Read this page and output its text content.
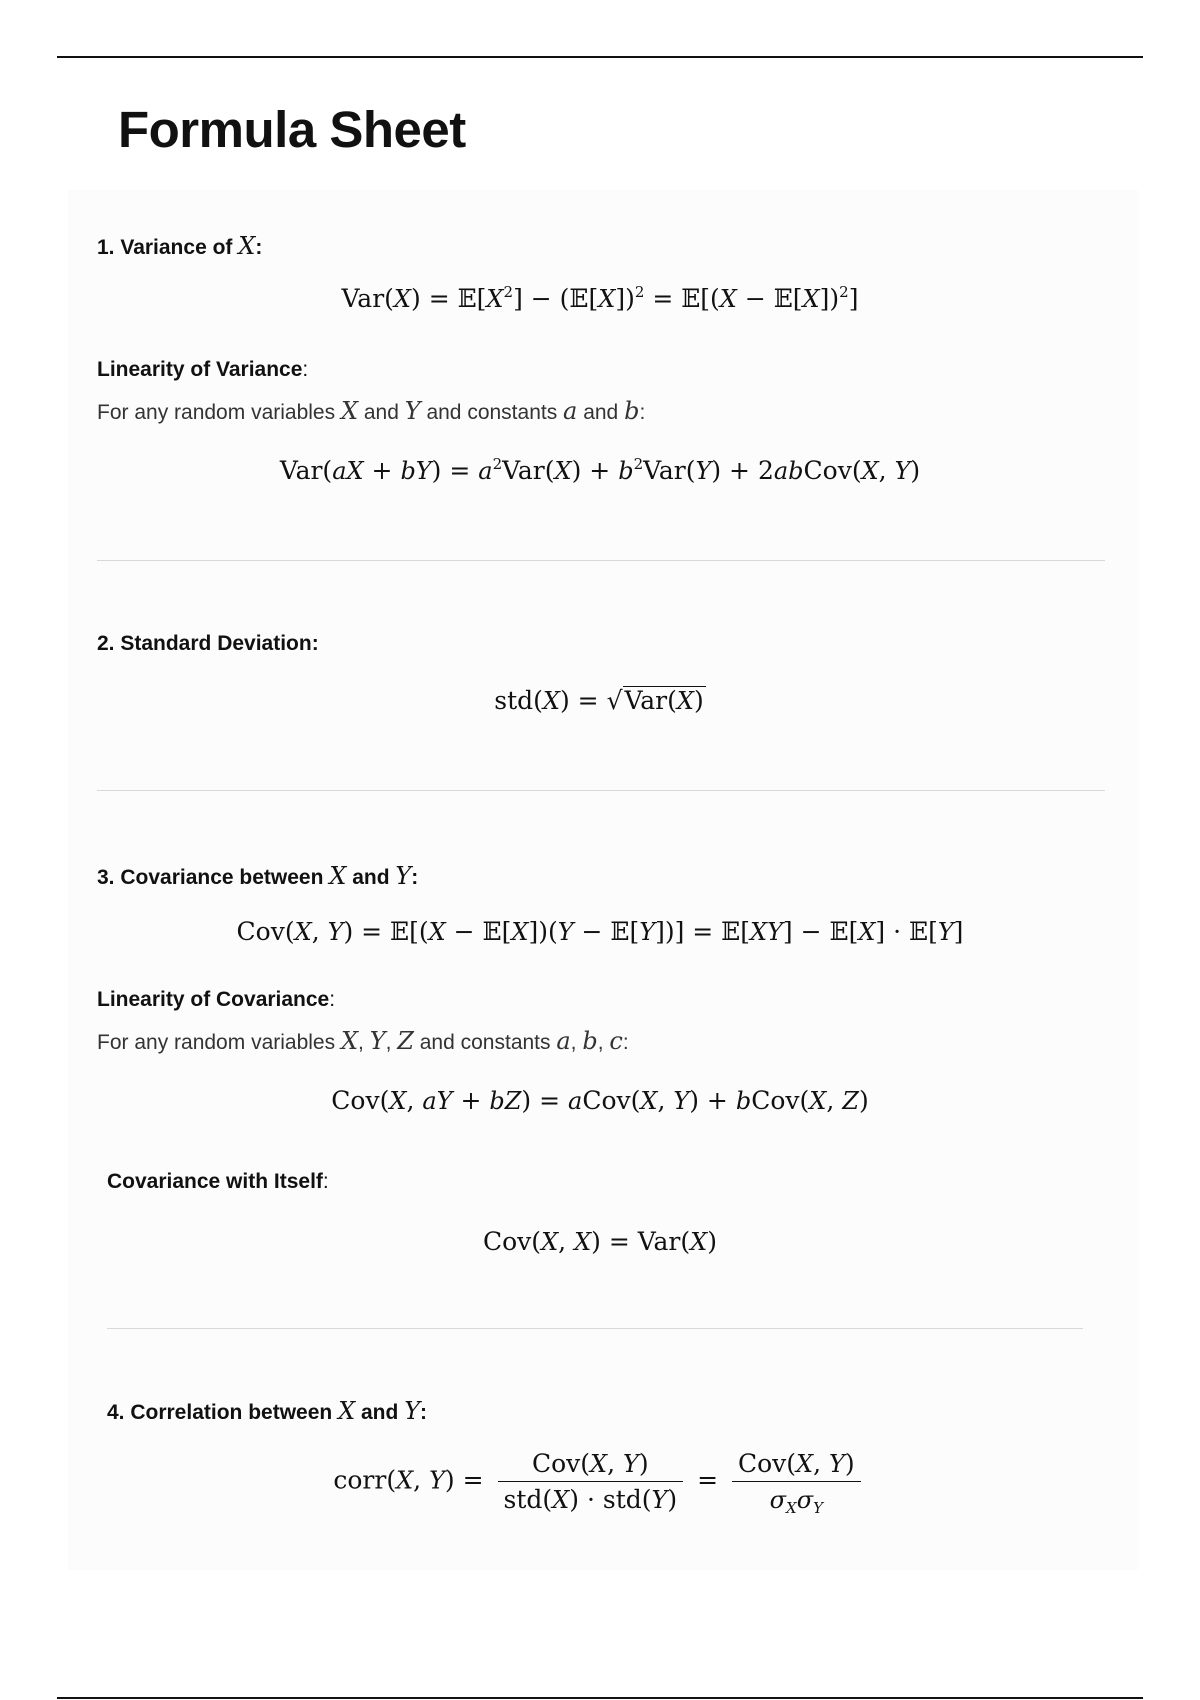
Formula Sheet
1. Variance of X:
$Var(X) = 𝔼[X^2]$ − (𝔼[X])$^2$ = 𝔼[(X − 𝔼[X])$^2$]
Linearity of Variance:
For any random variables X and Y and constants a and b:
$Var(aX + bY) = a^2Var(X) + b^2Var(Y)$ + 2abCov(X, Y)
2. Standard Deviation:
std(X) = √Var(X)
3. Covariance between X and Y:
Cov(X, Y) = 𝔼[(X − 𝔼[X])(Y − 𝔼[Y])] = 𝔼[XY] − 𝔼[X] · 𝔼[Y]
Linearity of Covariance:
For any random variables X, Y, Z and constants a, b, c:
Cov(X, aY + bZ) = aCov(X, Y) + bCov(X, Z)
Covariance with Itself:
Cov(X, X) = Var(X)
4. Correlation between X and Y:
corr(X, $Y) = \frac{\text{Cov(X, Y)}}{\text{std(X) · std(Y)}} = \frac{\text{Cov(X, Y)}}{\sigma_X\sigma_Y}$
